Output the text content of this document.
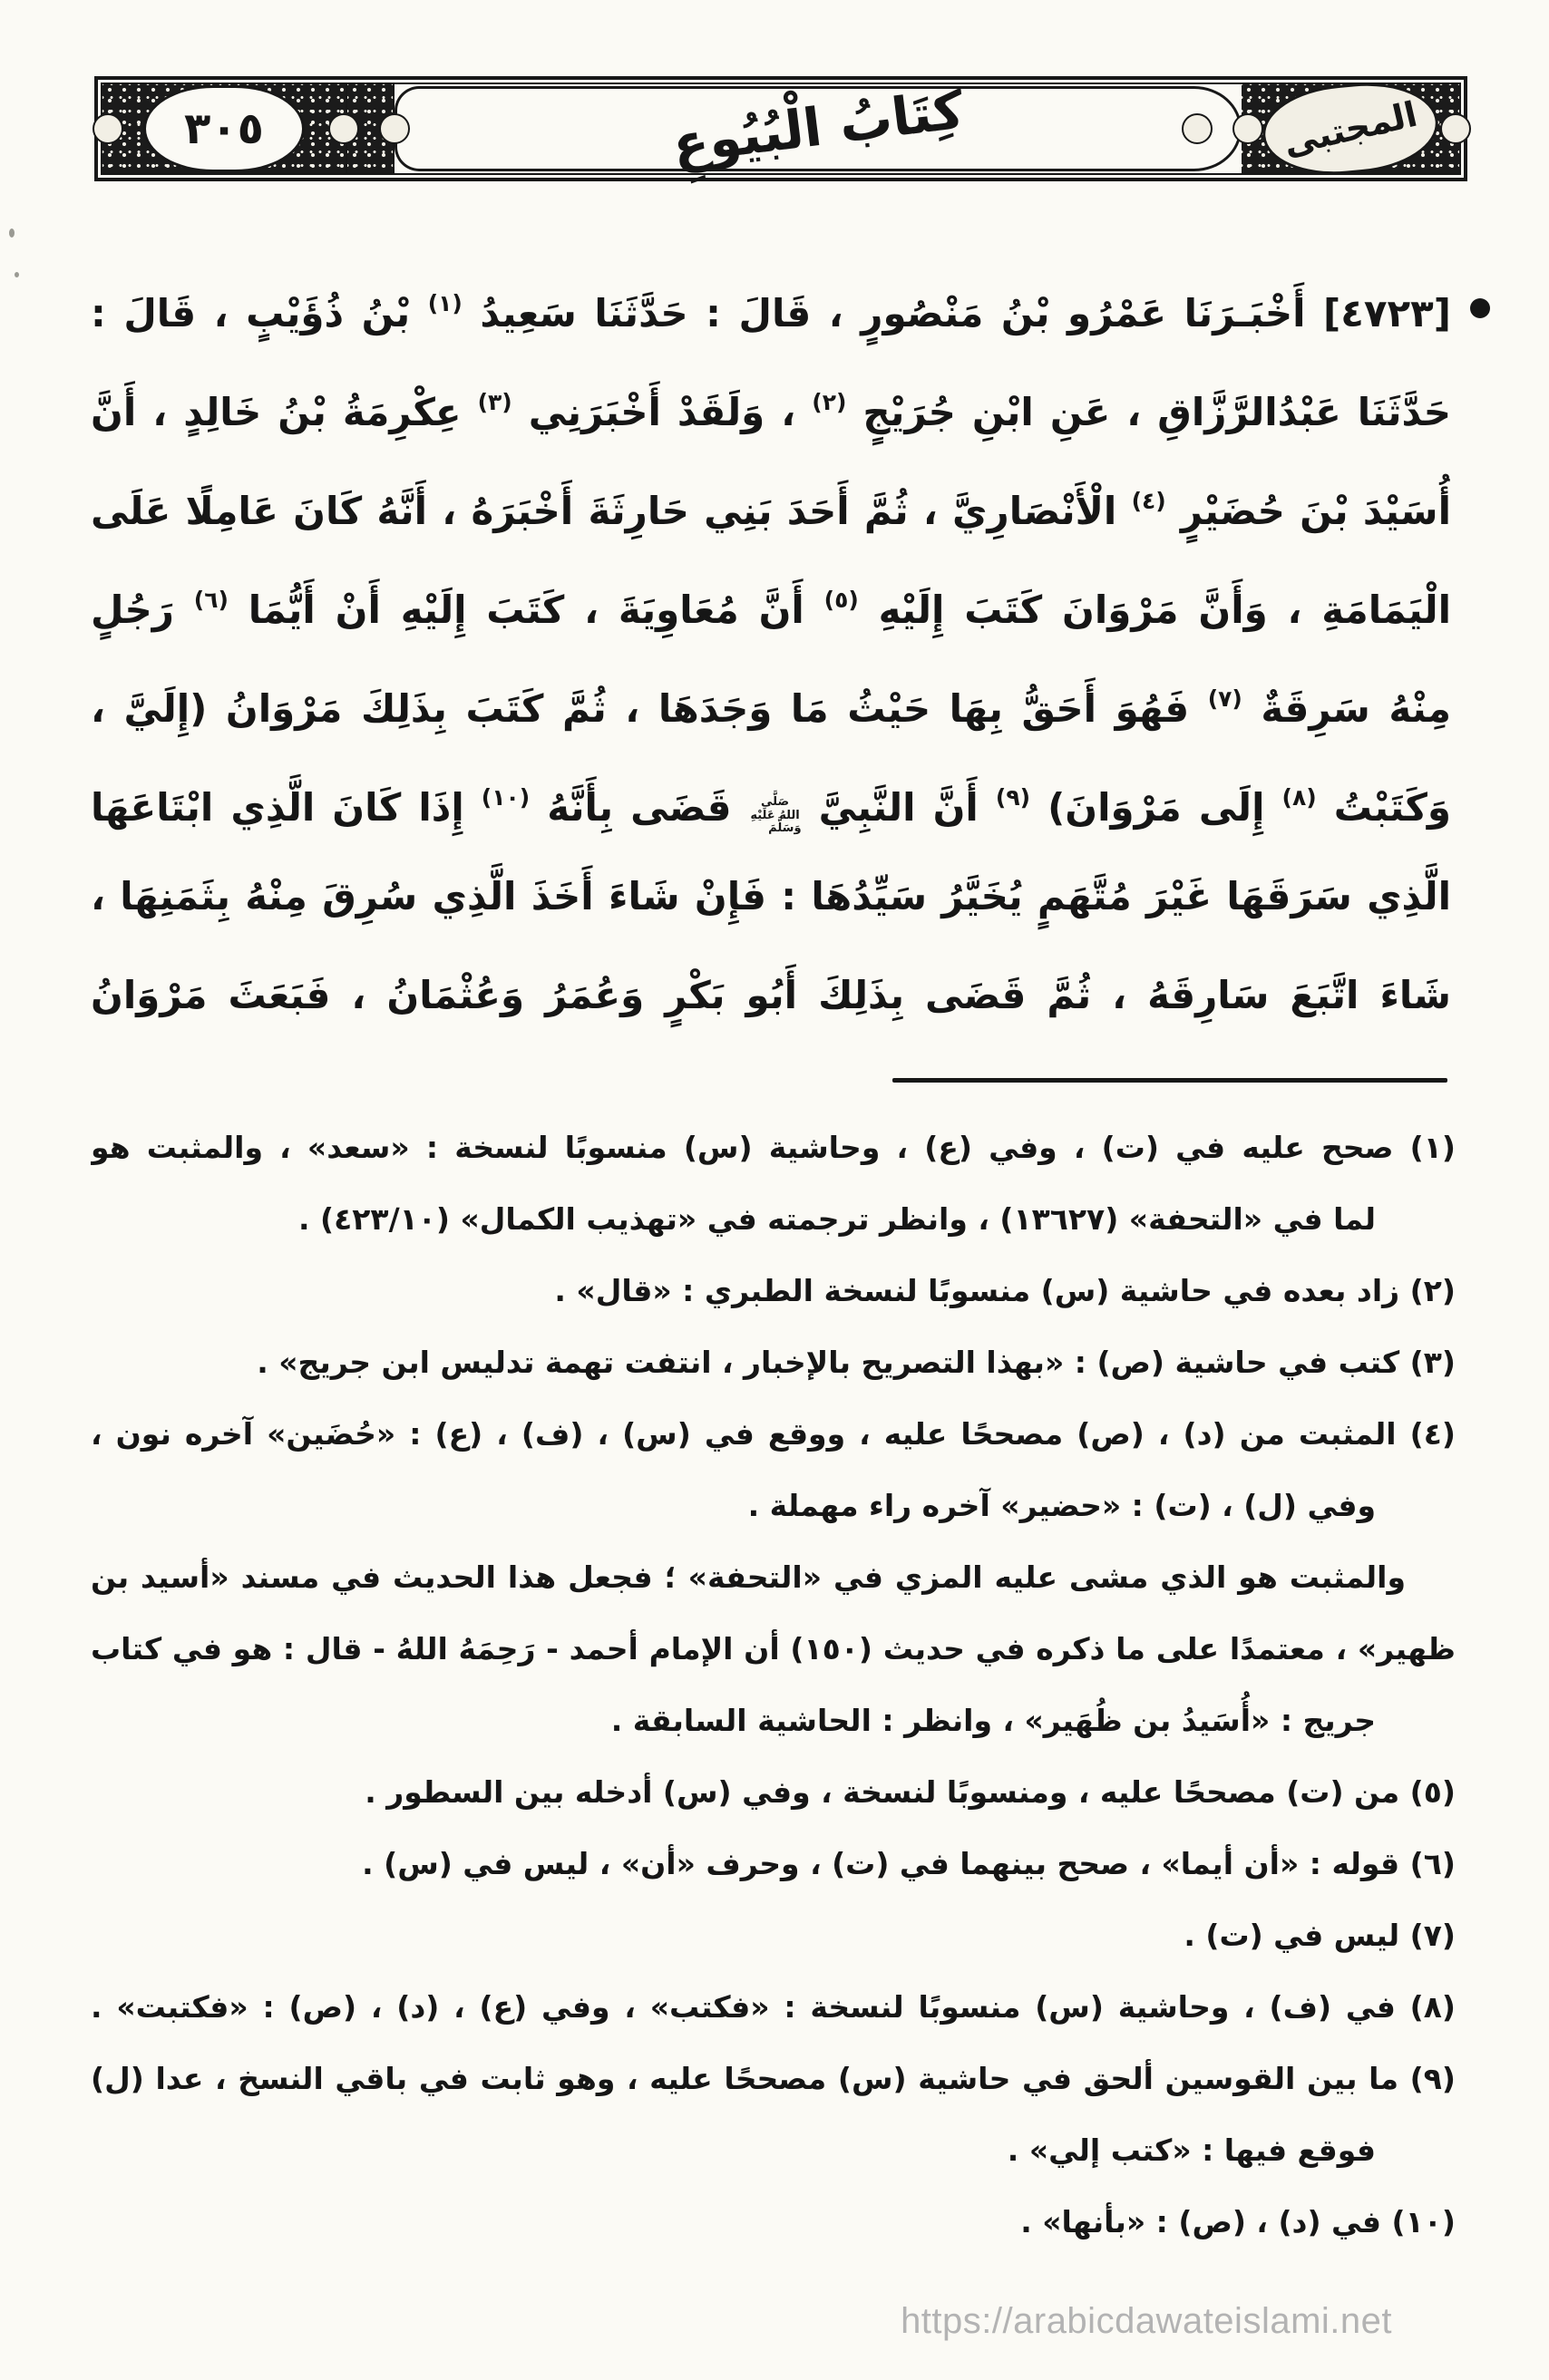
٣٠٥	كِتَابُ الْبُيُوعِ	المجتبى
[٤٧٢٣] أَخْبَـرَنَا عَمْرُو بْنُ مَنْصُورٍ ، قَالَ : حَدَّثَنَا سَعِيدُ $^{(١)}$ بْنُ ذُؤَيْبٍ ، قَالَ :
حَدَّثَنَا عَبْدُالرَّزَّاقِ ، عَنِ ابْنِ جُرَيْجٍ $^{(٢)}$ ، وَلَقَدْ أَخْبَرَنِي $^{(٣)}$ عِكْرِمَةُ بْنُ خَالِدٍ ، أَنَّ
أُسَيْدَ بْنَ حُضَيْرٍ $^{(٤)}$ الْأَنْصَارِيَّ ، ثُمَّ أَحَدَ بَنِي حَارِثَةَ أَخْبَرَهُ ، أَنَّهُ كَانَ عَامِلًا عَلَى
الْيَمَامَةِ ، وَأَنَّ مَرْوَانَ كَتَبَ إِلَيْهِ $^{(٥)}$ أَنَّ مُعَاوِيَةَ ، كَتَبَ إِلَيْهِ أَنْ أَيُّمَا $^{(٦)}$ رَجُلٍ
مِنْهُ سَرِقَةٌ $^{(٧)}$ فَهُوَ أَحَقُّ بِهَا حَيْثُ مَا وَجَدَهَا ، ثُمَّ كَتَبَ بِذَلِكَ مَرْوَانُ (إِلَيَّ ،
وَكَتَبْتُ $^{(٨)}$ إِلَى مَرْوَانَ) $^{(٩)}$ أَنَّ النَّبِيَّ صَلَّى اللهُ عَلَيْهِ وَسَلَّمَ قَضَى بِأَنَّهُ $^{(١٠)}$ إِذَا كَانَ الَّذِي ابْتَاعَهَا
الَّذِي سَرَقَهَا غَيْرَ مُتَّهَمٍ يُخَيَّرُ سَيِّدُهَا : فَإِنْ شَاءَ أَخَذَ الَّذِي سُرِقَ مِنْهُ بِثَمَنِهَا ،
شَاءَ اتَّبَعَ سَارِقَهُ ، ثُمَّ قَضَى بِذَلِكَ أَبُو بَكْرٍ وَعُمَرُ وَعُثْمَانُ ، فَبَعَثَ مَرْوَانُ
(١) صحح عليه في (ت) ، وفي (ع) ، وحاشية (س) منسوبًا لنسخة : «سعد» ، والمثبت هو
لما في «التحفة» (١٣٦٢٧) ، وانظر ترجمته في «تهذيب الكمال» (٤٢٣/١٠) .
(٢) زاد بعده في حاشية (س) منسوبًا لنسخة الطبري : «قال» .
(٣) كتب في حاشية (ص) : «بهذا التصريح بالإخبار ، انتفت تهمة تدليس ابن جريج» .
(٤) المثبت من (د) ، (ص) مصححًا عليه ، ووقع في (س) ، (ف) ، (ع) : «حُضَين» آخره نون ،
وفي (ل) ، (ت) : «حضير» آخره راء مهملة .
والمثبت هو الذي مشى عليه المزي في «التحفة» ؛ فجعل هذا الحديث في مسند «أسيد بن
ظهير» ، معتمدًا على ما ذكره في حديث (١٥٠) أن الإمام أحمد - رَحِمَهُ اللهُ - قال : هو في كتاب
جريج : «أُسَيدُ بن ظُهَير» ، وانظر : الحاشية السابقة .
(٥) من (ت) مصححًا عليه ، ومنسوبًا لنسخة ، وفي (س) أدخله بين السطور .
(٦) قوله : «أن أيما» ، صحح بينهما في (ت) ، وحرف «أن» ، ليس في (س) .
(٧) ليس في (ت) .
(٨) في (ف) ، وحاشية (س) منسوبًا لنسخة : «فكتب» ، وفي (ع) ، (د) ، (ص) : «فكتبت» .
(٩) ما بين القوسين ألحق في حاشية (س) مصححًا عليه ، وهو ثابت في باقي النسخ ، عدا (ل)
فوقع فيها : «كتب إلي» .
(١٠) في (د) ، (ص) : «بأنها» .
https://arabicdawateislami.net
